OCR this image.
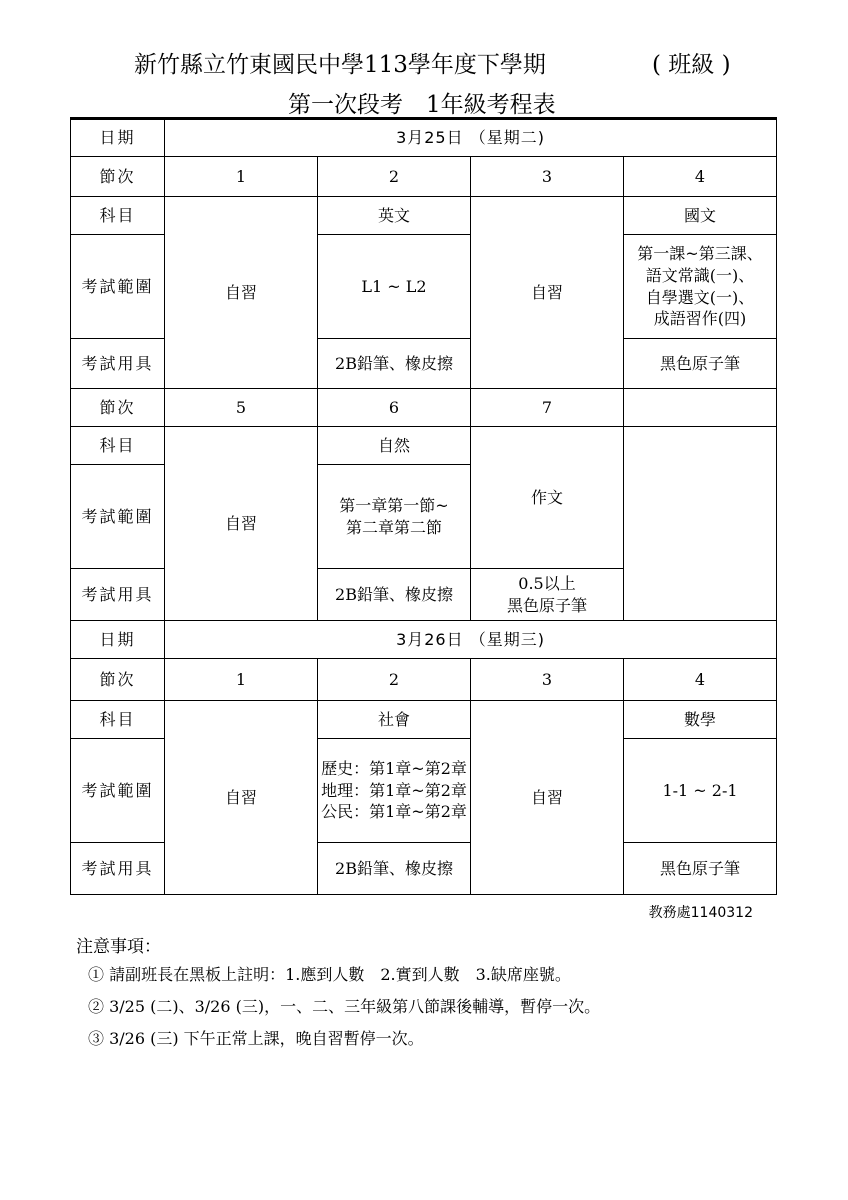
新竹縣立竹東國民中學113學年度下學期	( 班級 )
第一次段考　1年級考程表
日期	3月25日 （星期二)			
節次	1	2	3	4
科目	自習	英文	自習	國文
考試範圍		L1 ~ L2		第一課~第三課、
語文常識(一)、
自學選文(一)、
成語習作(四)

考試用具		2B鉛筆、橡皮擦		黑色原子筆
節次	5	6	7	
科目	自習	自然	作文	
考試範圍		第一章第一節~
第二章第二節		

考試用具		2B鉛筆、橡皮擦	0.5以上
黑色原子筆	

日期	3月26日 （星期三)			
節次	1	2	3	4
科目	自習	社會	自習	數學
考試範圍		歷史：第1章~第2章
地理：第1章~第2章
公民：第1章~第2章		1-1 ~ 2-1
考試用具		2B鉛筆、橡皮擦		黑色原子筆
教務處1140312
注意事項：
① 請副班長在黑板上註明：1.應到人數　2.實到人數　3.缺席座號。
② 3/25 (二)、3/26 (三)，一、二、三年級第八節課後輔導，暫停一次。
③ 3/26 (三) 下午正常上課，晚自習暫停一次。
